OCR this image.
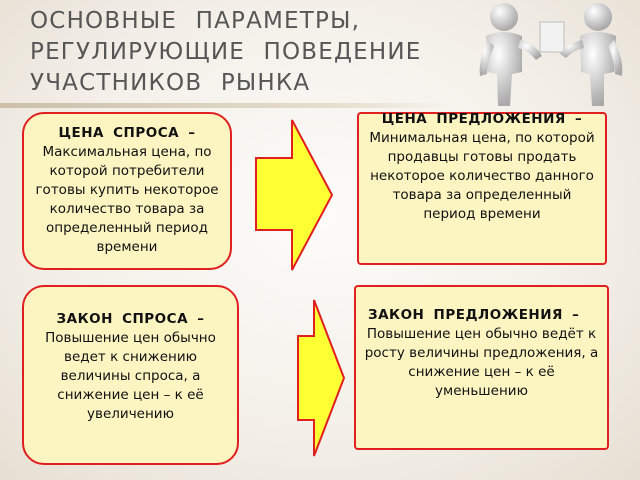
ОСНОВНЫЕ ПАРАМЕТРЫ,
РЕГУЛИРУЮЩИЕ ПОВЕДЕНИЕ
УЧАСТНИКОВ РЫНКА
ЦЕНА СПРОСА –
Максимальная цена, по которой потребители готовы купить некоторое количество товара за определенный период времени
ЦЕНА ПРЕДЛОЖЕНИЯ –
Минимальная цена, по которой продавцы готовы продать некоторое количество данного товара за определенный период времени
ЗАКОН СПРОСА –
Повышение цен обычно ведет к снижению величины спроса, а снижение цен – к её увеличению
ЗАКОН ПРЕДЛОЖЕНИЯ –
Повышение цен обычно ведёт к росту величины предложения, а снижение цен – к её уменьшению
